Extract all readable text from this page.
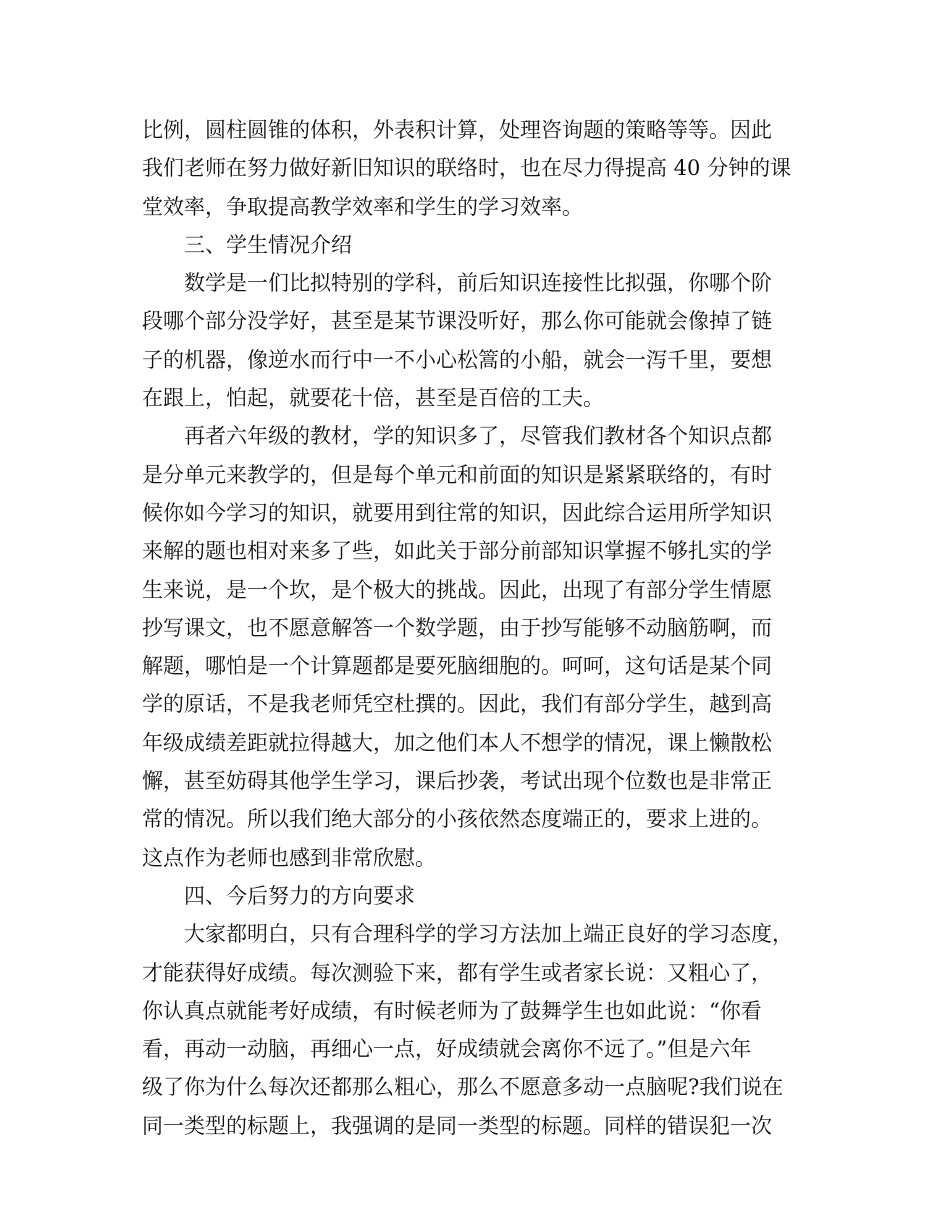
比例，圆柱圆锥的体积，外表积计算，处理咨询题的策略等等。因此
我们老师在努力做好新旧知识的联络时，也在尽力得提高 40 分钟的课
堂效率，争取提高教学效率和学生的学习效率。
三、学生情况介绍
数学是一们比拟特别的学科，前后知识连接性比拟强，你哪个阶
段哪个部分没学好，甚至是某节课没听好，那么你可能就会像掉了链
子的机器，像逆水而行中一不小心松篙的小船，就会一泻千里，要想
在跟上，怕起，就要花十倍，甚至是百倍的工夫。
再者六年级的教材，学的知识多了，尽管我们教材各个知识点都
是分单元来教学的，但是每个单元和前面的知识是紧紧联络的，有时
候你如今学习的知识，就要用到往常的知识，因此综合运用所学知识
来解的题也相对来多了些，如此关于部分前部知识掌握不够扎实的学
生来说，是一个坎，是个极大的挑战。因此，出现了有部分学生情愿
抄写课文，也不愿意解答一个数学题，由于抄写能够不动脑筋啊，而
解题，哪怕是一个计算题都是要死脑细胞的。呵呵，这句话是某个同
学的原话，不是我老师凭空杜撰的。因此，我们有部分学生，越到高
年级成绩差距就拉得越大，加之他们本人不想学的情况，课上懒散松
懈，甚至妨碍其他学生学习，课后抄袭，考试出现个位数也是非常正
常的情况。所以我们绝大部分的小孩依然态度端正的，要求上进的。
这点作为老师也感到非常欣慰。
四、今后努力的方向要求
大家都明白，只有合理科学的学习方法加上端正良好的学习态度，
才能获得好成绩。每次测验下来，都有学生或者家长说：又粗心了，
你认真点就能考好成绩，有时候老师为了鼓舞学生也如此说：“你看
看，再动一动脑，再细心一点，好成绩就会离你不远了。”但是六年
级了你为什么每次还都那么粗心，那么不愿意多动一点脑呢?我们说在
同一类型的标题上，我强调的是同一类型的标题。同样的错误犯一次
